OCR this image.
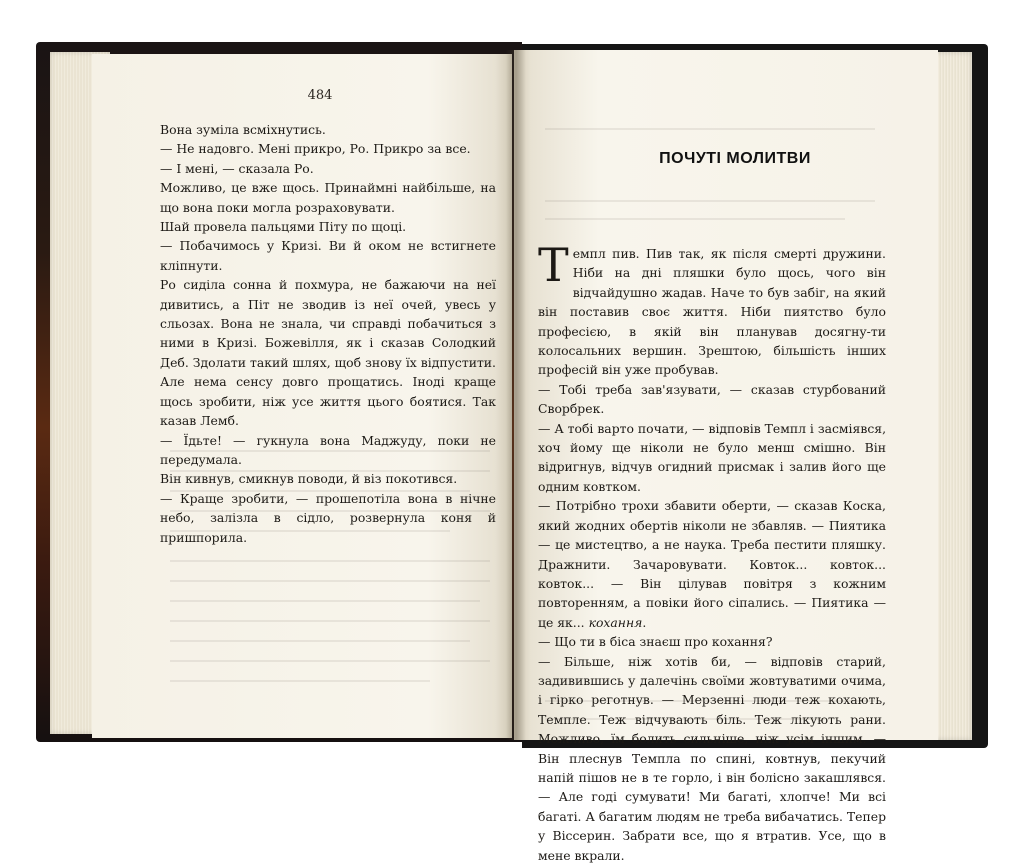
484

Вона зуміла всміхнутись.

— Не надовго. Мені прикро, Ро. Прикро за все.

— І мені, — сказала Ро.

Можливо, це вже щось. Принаймні найбільше, на що вона поки могла розраховувати.

Шай провела пальцями Піту по щоці.

— Побачимось у Кризі. Ви й оком не встигнете кліпнути.

Ро сиділа сонна й похмура, не бажаючи на неї дивитись, а Піт не зводив із неї очей, увесь у сльозах. Вона не знала, чи справді побачиться з ними в Кризі. Божевілля, як і сказав Солодкий Деб. Здолати такий шлях, щоб знову їх відпустити. Але нема сенсу довго прощатись. Іноді краще щось зробити, ніж усе життя цього боятися. Так казав Лемб.

— Їдьте! — гукнула вона Маджуду, поки не передумала.

Він кивнув, смикнув поводи, й віз покотився.

— Краще зробити, — прошепотіла вона в нічне небо, залізла в сідло, розвернула коня й пришпорила.

ПОЧУТІ МОЛИТВИ

Темпл пив. Пив так, як після смерті дружини. Ніби на дні пляшки було щось, чого він відчайдушно жадав. Наче то був забіг, на який він поставив своє життя. Ніби пиятство було професією, в якій він планував досягну-ти колосальних вершин. Зрештою, більшість інших професій він уже пробував.

— Тобі треба зав'язувати, — сказав стурбований Сворбрек.

— А тобі варто почати, — відповів Темпл і засміявся, хоч йому ще ніколи не було менш смішно. Він відригнув, відчув огидний присмак і залив його ще одним ковтком.

— Потрібно трохи збавити оберти, — сказав Коска, який жодних обертів ніколи не збавляв. — Пиятика — це мистецтво, а не наука. Треба пестити пляшку. Дражнити. Зачаровувати. Ковток... ковток... ковток... — Він цілував повітря з кожним повторенням, а повіки його сіпались. — Пиятика — це як... кохання.

— Що ти в біса знаєш про кохання?

— Більше, ніж хотів би, — відповів старий, задивившись у далечінь своїми жовтуватими очима, і гірко реготнув. — Мерзенні люди теж кохають, Темпле. Теж відчувають біль. Теж лікують рани. Можливо, їм болить сильніше, ніж усім іншим. — Він плеснув Темпла по спині, ковтнув, пекучий напій пішов не в те горло, і він болісно закашлявся. — Але годі сумувати! Ми багаті, хлопче! Ми всі багаті. А багатим людям не треба вибачатись. Тепер у Віссерин. Забрати все, що я втратив. Усе, що в мене вкрали.
